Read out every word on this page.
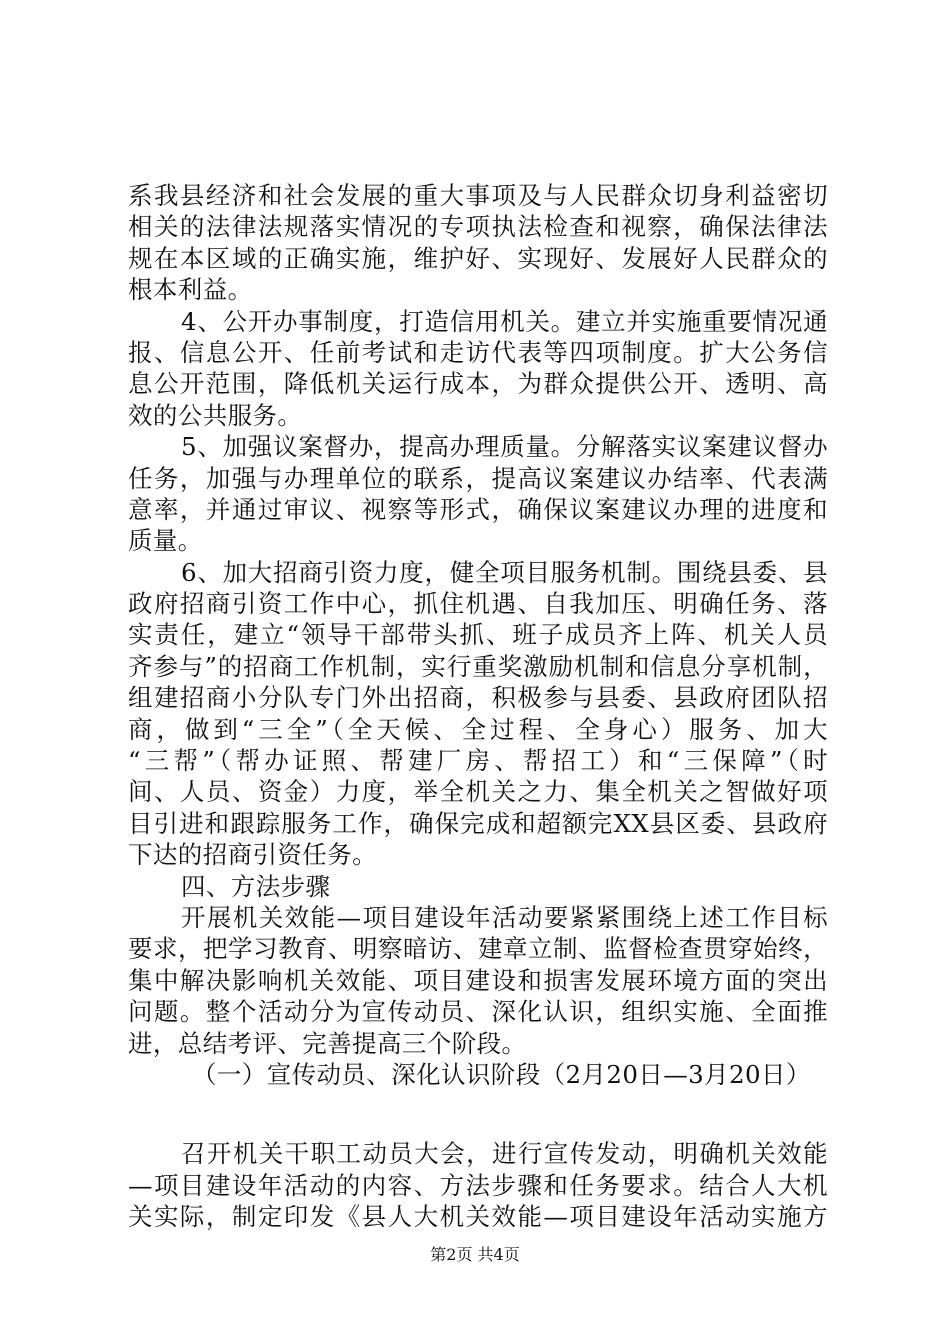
系我县经济和社会发展的重大事项及与人民群众切身利益密切
相关的法律法规落实情况的专项执法检查和视察，确保法律法
规在本区域的正确实施，维护好、实现好、发展好人民群众的
根本利益。
4、公开办事制度，打造信用机关。建立并实施重要情况通
报、信息公开、任前考试和走访代表等四项制度。扩大公务信
息公开范围，降低机关运行成本，为群众提供公开、透明、高
效的公共服务。
5、加强议案督办，提高办理质量。分解落实议案建议督办
任务，加强与办理单位的联系，提高议案建议办结率、代表满
意率，并通过审议、视察等形式，确保议案建议办理的进度和
质量。
6、加大招商引资力度，健全项目服务机制。围绕县委、县
政府招商引资工作中心，抓住机遇、自我加压、明确任务、落
实责任，建立“领导干部带头抓、班子成员齐上阵、机关人员
齐参与”的招商工作机制，实行重奖激励机制和信息分享机制，
组建招商小分队专门外出招商，积极参与县委、县政府团队招
商，做到“三全”（全天候、全过程、全身心）服务、加大
“三帮”（帮办证照、帮建厂房、帮招工）和“三保障”（时
间、人员、资金）力度，举全机关之力、集全机关之智做好项
目引进和跟踪服务工作，确保完成和超额完XX县区委、县政府
下达的招商引资任务。
四、方法步骤
开展机关效能—项目建设年活动要紧紧围绕上述工作目标
要求，把学习教育、明察暗访、建章立制、监督检查贯穿始终，
集中解决影响机关效能、项目建设和损害发展环境方面的突出
问题。整个活动分为宣传动员、深化认识，组织实施、全面推
进，总结考评、完善提高三个阶段。
（一）宣传动员、深化认识阶段（2月20日—3月20日）
召开机关干职工动员大会，进行宣传发动，明确机关效能
—项目建设年活动的内容、方法步骤和任务要求。结合人大机
关实际，制定印发《县人大机关效能—项目建设年活动实施方
第2页 共4页
